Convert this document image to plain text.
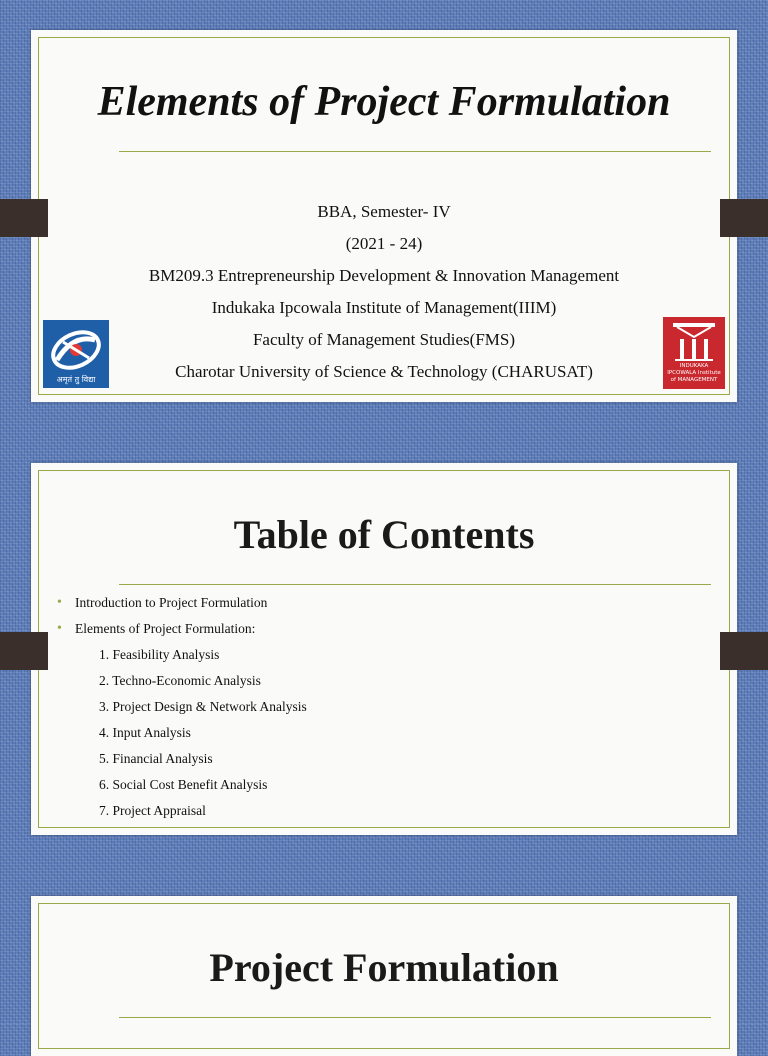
Elements of Project Formulation
BBA, Semester- IV
(2021 - 24)
BM209.3 Entrepreneurship Development & Innovation Management
Indukaka Ipcowala Institute of Management(IIIM)
Faculty of Management Studies(FMS)
Charotar University of Science & Technology (CHARUSAT)
अमृतं तु विद्या
INDUKAKA IPCOWALA Institute of MANAGEMENT
Table of Contents
• Introduction to Project Formulation
• Elements of Project Formulation:
1. Feasibility Analysis
2. Techno-Economic Analysis
3. Project Design & Network Analysis
4. Input Analysis
5. Financial Analysis
6. Social Cost Benefit Analysis
7. Project Appraisal
Project Formulation
